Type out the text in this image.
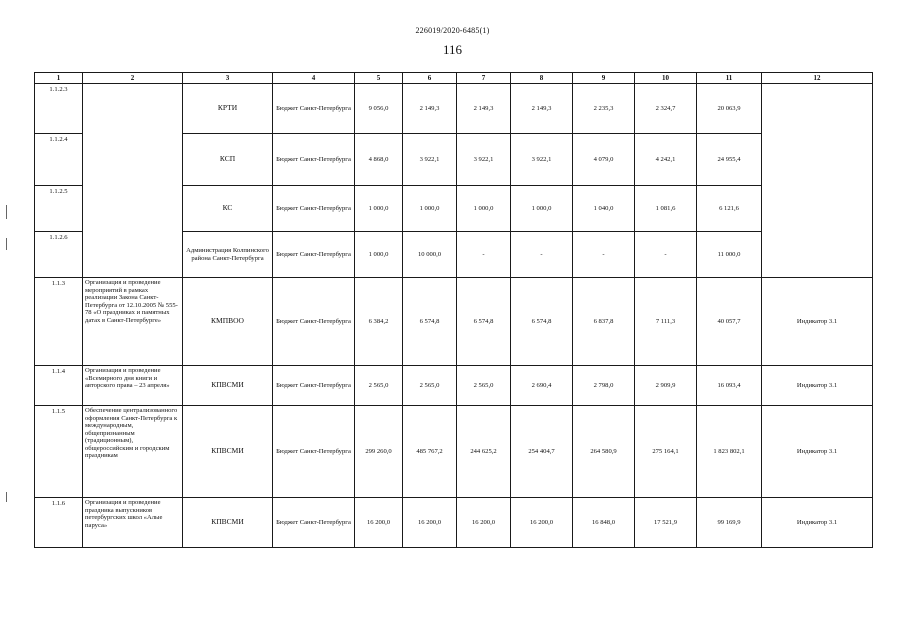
226019/2020-6485(1)
116
1	2	3	4	5	6	7	8	9	10	11	12
1.1.2.3		КРТИ	Бюджет Санкт-Петербурга	9 056,0	2 149,3	2 149,3	2 149,3	2 235,3	2 324,7	20 063,9	
1.1.2.4		КСП	Бюджет Санкт-Петербурга	4 868,0	3 922,1	3 922,1	3 922,1	4 079,0	4 242,1	24 955,4	
1.1.2.5		КС	Бюджет Санкт-Петербурга	1 000,0	1 000,0	1 000,0	1 000,0	1 040,0	1 081,6	6 121,6	
1.1.2.6		Администрация Колпинского района Санкт-Петербурга	Бюджет Санкт-Петербурга	1 000,0	10 000,0	-	-	-	-	11 000,0	
1.1.3	Организация и проведение мероприятий в рамках реализации Закона Санкт-Петербурга от 12.10.2005 № 555-78 «О праздниках и памятных датах в Санкт-Петербурге»	КМПВОО	Бюджет Санкт-Петербурга	6 384,2	6 574,8	6 574,8	6 574,8	6 837,8	7 111,3	40 057,7	Индикатор 3.1
1.1.4	Организация и проведение «Всемирного дня книги и авторского права – 23 апреля»	КПВСМИ	Бюджет Санкт-Петербурга	2 565,0	2 565,0	2 565,0	2 690,4	2 798,0	2 909,9	16 093,4	Индикатор 3.1
1.1.5	Обеспечение централизованного оформления Санкт-Петербурга к международным, общепризнанным (традиционным), общероссийским и городским праздникам	КПВСМИ	Бюджет Санкт-Петербурга	299 260,0	485 767,2	244 625,2	254 404,7	264 580,9	275 164,1	1 823 802,1	Индикатор 3.1
1.1.6	Организация и проведение праздника выпускников петербургских школ «Алые паруса»	КПВСМИ	Бюджет Санкт-Петербурга	16 200,0	16 200,0	16 200,0	16 200,0	16 848,0	17 521,9	99 169,9	Индикатор 3.1
